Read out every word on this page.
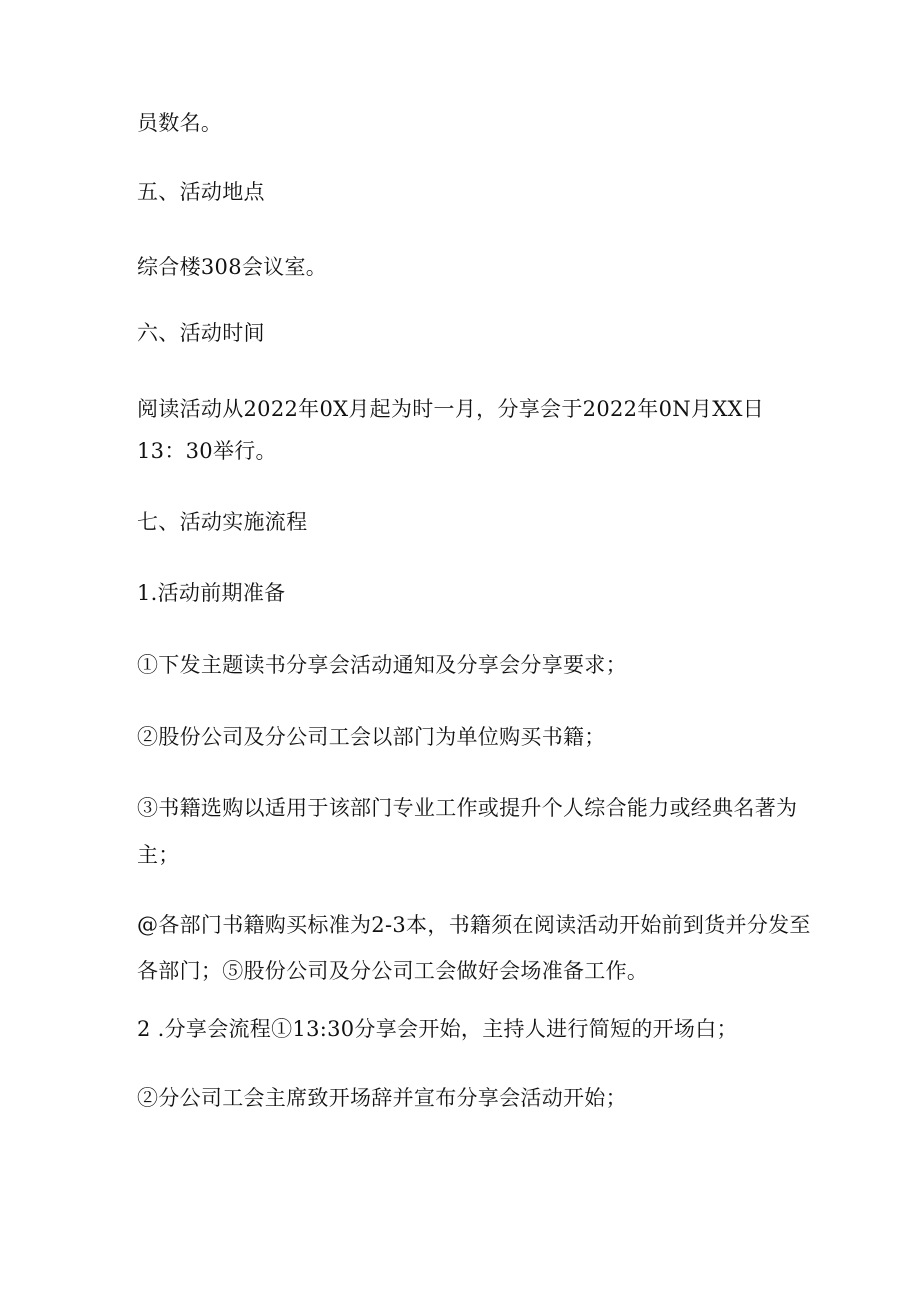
员数名。

五、活动地点

综合楼308会议室。

六、活动时间

阅读活动从2022年0X月起为时一月，分享会于2022年0N月XX日

13：30举行。

七、活动实施流程

1.活动前期准备

①下发主题读书分享会活动通知及分享会分享要求；

②股份公司及分公司工会以部门为单位购买书籍；

③书籍选购以适用于该部门专业工作或提升个人综合能力或经典名著为

主；

@各部门书籍购买标准为2-3本，书籍须在阅读活动开始前到货并分发至

各部门；⑤股份公司及分公司工会做好会场准备工作。

2 .分享会流程①13:30分享会开始，主持人进行简短的开场白；

②分公司工会主席致开场辞并宣布分享会活动开始；
